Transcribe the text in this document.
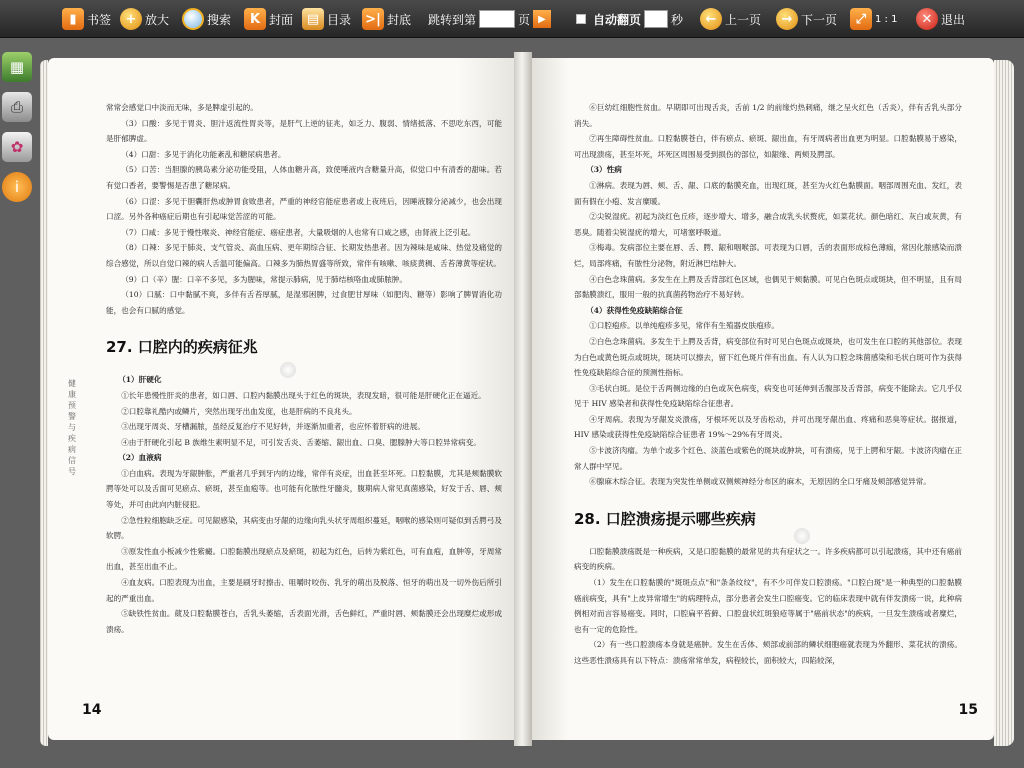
▮ 书签	+ 放大	搜索	K 封面	▤ 目录 >| 封底 跳转到第	页 ▶	自动翻页	秒	← 上一页	→ 下一页	⤢ 1 : 1	✕ 退出
▦
⎙
✿
i
健康预警与疾病信号

常常会感觉口中淡而无味，多是脾虚引起的。

（3）口酸：多见于胃炎、胆汁返流性胃炎等，是肝气上逆的征兆，如乏力、腹弱、情绪抵落、不思吃东西，可能是肝郁脾虚。

（4）口甜：多见于消化功能紊乱和糖尿病患者。

（5）口苦：当胆腺的胰岛素分泌功能受阻，人体血糖升高，致使唾液内含糖量升高，似觉口中有清香的甜味。若有觉口香者，要警惕是否患了糖尿病。

（6）口涩：多见于胆囊肝热或肿胃食败患者，严重的神经官能症患者或上夜班后，因睡液腺分泌减少，也会出现口涩。另外各种癌症后期也有引起味觉苦涩的可能。

（7）口咸：多见于慢性喉炎、神经官能症、癌症患者，大量吸烟的人也常有口咸之感，由肾液上泛引起。

（8）口辣：多见于肺炎、支气管炎、高血压病、更年期综合征、长期发热患者。因为辣味是咸味、热觉及痛觉的综合感觉，所以自觉口辣的病人舌温可能偏高。口辣多为肺热胃盛等所致，常伴有咳嗽、咳痰黄稠、舌苔薄黄等症状。

（9）口（辛）腥：口辛不多见，多为腥味，常提示肺病，见于肺结核咯血或肺脓肿。

（10）口腻：口中黏腻不爽，多伴有舌苔厚腻，是湿邪困脾，过食肥甘厚味（如肥肉、糖等）影响了脾胃消化功能，也会有口腻的感觉。

27. 口腔内的疾病征兆

（1）肝硬化

①长年患慢性肝炎的患者，如口唇、口腔内黏膜出现头于红色的斑块，表现发暗，很可能是肝硬化正在逼近。

②口腔靠礼酷内或鳞片，突然出现牙出血发度，也是肝病的不良兆头。

③出现牙周炎、牙槽漏脓，虽经反复治疗不见好转，并逐渐加重者，也应怀着肝病的进展。

④由于肝硬化引起 B 族维生素明显不足，可引发舌炎、舌萎缩、龈出血、口臭、腮腺肿大等口腔异常病变。

（2）血液病

①白血病。表现为牙龈肿胀，严重者几乎到牙内的边缘，常伴有炎症，出血甚至坏死。口腔黏膜，尤其是颊黏膜软腭等处可以及舌面可见瘀点、瘀斑，甚至血疱等。也可能有化脓性牙髓炎，腹期病人常见真菌感染，好发于舌、唇、颊等处，并可由此向内脏侵犯。

②急性粒细胞缺乏症。可见龈感染，其病变由牙龈的边缘向乳头状牙周组织蔓延，咽喉的感染则可疑似到舌腭弓及软腭。

③原发性血小板减少性紫癜。口腔黏膜出现瘀点及瘀斑，初起为红色，后转为紫红色，可有血疱，血肿等，牙周常出血，甚至出血不止。

④血友病。口腔表现为出血，主要是刷牙时擦击、咀嚼时咬伤、乳牙的萌出及脱落、恒牙的萌出及一切外伤后所引起的严重出血。

⑤缺铁性贫血。葳及口腔黏膜苍白，舌乳头萎缩，舌表面光滑，舌色鲜红，严重时唇、颊黏膜还会出现糜烂或形成溃疡。

14

⑥巨幼红细胞性贫血。早期即可出现舌炎，舌前 1/2 的前缘灼热刺痛，继之呈火红色（舌炎），伴有舌乳头部分消失。

⑦再生障碍性贫血。口腔黏膜苍白，伴有瘀点、瘀斑、龈出血，有牙周病者出血更为明显。口腔黏膜易于感染，可出现溃疡，甚至坏死，坏死区周围易受到损伤的部位，如龈缘、两颊及腭部。

（3）性病

①淋病。表现为唇、颊、舌、龈、口底的黏膜充血，出现红斑，甚至为火红色黏膜面。咽部周围充血、发红，表面有假在小疱、发言糜暖。

②尖锐湿疣。初起为淡红色丘疹，逐步增大、增多，融合成乳头状赘疣，如菜花状。颜色暗红、灰白或灰黄，有恶臭。随着尖锐湿疣的增大，可堵塞呼吸道。

③梅毒。发病部位主要在唇、舌、腭、龈和咽喉部。可表现为口唇，舌的表面形成棕色薄痂，常因化脓感染而溃烂，局部疼痛，有脓性分泌物，附近淋巴结肿大。

④白色念珠菌病。多发生在上腭及舌背部红色区域，也偶见于颊黏膜。可见白色斑点或斑块，但不明显，且有局部黏膜溃红，服用一般的抗真菌药物治疗不易好转。

（4）获得性免疫缺陷综合征

①口腔疱疹。以单纯疱疹多见，常伴有生殖器皮肤疱疹。

②白色念珠菌病。多发生于上腭及舌背，病变部位有时可见白色斑点或斑块，也可发生在口腔的其他部位。表现为白色或黄色斑点或斑块，斑块可以擦去，留下红色斑片伴有出血。有人认为口腔念珠菌感染和毛状白斑可作为获得性免疫缺陷综合征的预测性指标。

③毛状白斑。是位于舌两侧边缘的白色或灰色病变，病变也可延伸到舌腹部及舌背部，病变不能除去。它几乎仅见于 HIV 感染者和获得性免疫缺陷综合征患者。

④牙周病。表现为牙龈发炎溃疡，牙根坏死以及牙齿松动，并可出现牙龈出血、疼痛和恶臭等症状。据报道，HIV 感染或获得性免疫缺陷综合征患者 19%～29%有牙周炎。

⑤卡波济肉瘤。为单个或多个红色、淡蓝色或紫色的斑块或肿块，可有溃疡，见于上腭和牙龈。卡波济肉瘤在正常人群中罕见。

⑥腺麻木综合征。表现为突发性单侧或双侧颊神经分布区的麻木，无原因的全口牙痛及颊部感觉异常。

28. 口腔溃疡提示哪些疾病

口腔黏膜溃疡既是一种疾病，又是口腔黏膜的最常见的共有症状之一。许多疾病都可以引起溃疡，其中还有癌前病变的疾病。

（1）发生在口腔黏膜的"斑斑点点"和"条条纹纹"，有不少可伴发口腔溃疡。"口腔白斑"是一种典型的口腔黏膜癌前病变，具有"上皮异常增生"的病理特点，部分患者会发生口腔癌变。它的临床表现中就有伴发溃疡一说，此种病例相对而言容易癌变。同时，口腔扁平苔藓、口腔盘状红斑狼疮等属于"癌前状态"的疾病，一旦发生溃疡或者糜烂，也有一定的危险性。

（2）有一些口腔溃疡本身就是癌肿。发生在舌体、颊部或前部的鳞状细胞癌就表现为外翻形、菜花状的溃疡。这些恶性溃疡具有以下特点：溃疡常常单发，病程较长，面积较大，四陷较深，

15
